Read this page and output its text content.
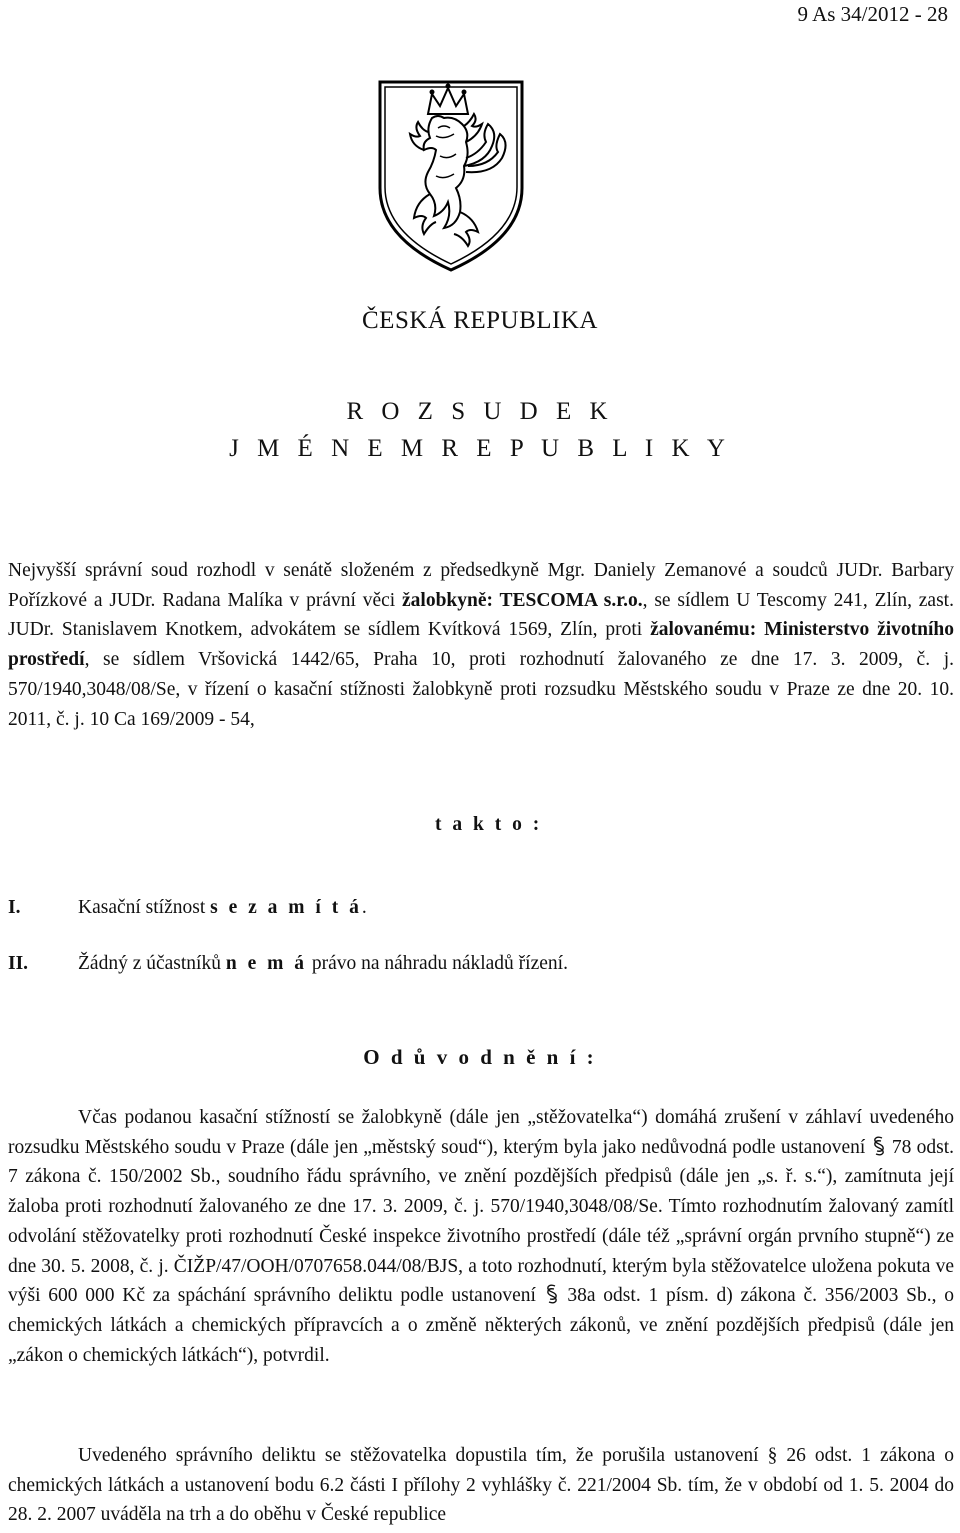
9 As 34/2012 - 28
ČESKÁ REPUBLIKA
R O Z S U D E K
J M É N E M R E P U B L I K Y
Nejvyšší správní soud rozhodl v senátě složeném z předsedkyně Mgr. Daniely Zemanové a soudců JUDr. Barbary Pořízkové a JUDr. Radana Malíka v právní věci žalobkyně: TESCOMA s.r.o., se sídlem U Tescomy 241, Zlín, zast. JUDr. Stanislavem Knotkem, advokátem se sídlem Kvítková 1569, Zlín, proti žalovanému: Ministerstvo životního prostředí, se sídlem Vršovická 1442/65, Praha 10, proti rozhodnutí žalovaného ze dne 17. 3. 2009, č. j. 570/1940,3048/08/Se, v řízení o kasační stížnosti žalobkyně proti rozsudku Městského soudu v Praze ze dne 20. 10. 2011, č. j. 10 Ca 169/2009 - 54,
t a k t o :
I.	Kasační stížnost s e z a m í t á.
II.	Žádný z účastníků n e m á právo na náhradu nákladů řízení.
O d ů v o d n ě n í :
Včas podanou kasační stížností se žalobkyně (dále jen „stěžovatelka“) domáhá zrušení v záhlaví uvedeného rozsudku Městského soudu v Praze (dále jen „městský soud“), kterým byla jako nedůvodná podle ustanovení  78 odst. 7 zákona č. 150/2002 Sb., soudního řádu správního, ve znění pozdějších předpisů (dále jen „s. ř. s.“), zamítnuta její žaloba proti rozhodnutí žalovaného ze dne 17. 3. 2009, č. j. 570/1940,3048/08/Se. Tímto rozhodnutím žalovaný zamítl odvolání stěžovatelky proti rozhodnutí České inspekce životního prostředí (dále též „správní orgán prvního stupně“) ze dne 30. 5. 2008, č. j. ČIŽP/47/OOH/0707658.044/08/BJS, a toto rozhodnutí, kterým byla stěžovatelce uložena pokuta ve výši 600 000 Kč za spáchání správního deliktu podle ustanovení  38a odst. 1 písm. d) zákona č. 356/2003 Sb., o chemických látkách a chemických přípravcích a o změně některých zákonů, ve znění pozdějších předpisů (dále jen „zákon o chemických látkách“), potvrdil.
Uvedeného správního deliktu se stěžovatelka dopustila tím, že porušila ustanovení § 26 odst. 1 zákona o chemických látkách a ustanovení bodu 6.2 části I přílohy 2 vyhlášky č. 221/2004 Sb. tím, že v období od 1. 5. 2004 do 28. 2. 2007 uváděla na trh a do oběhu v České republice
